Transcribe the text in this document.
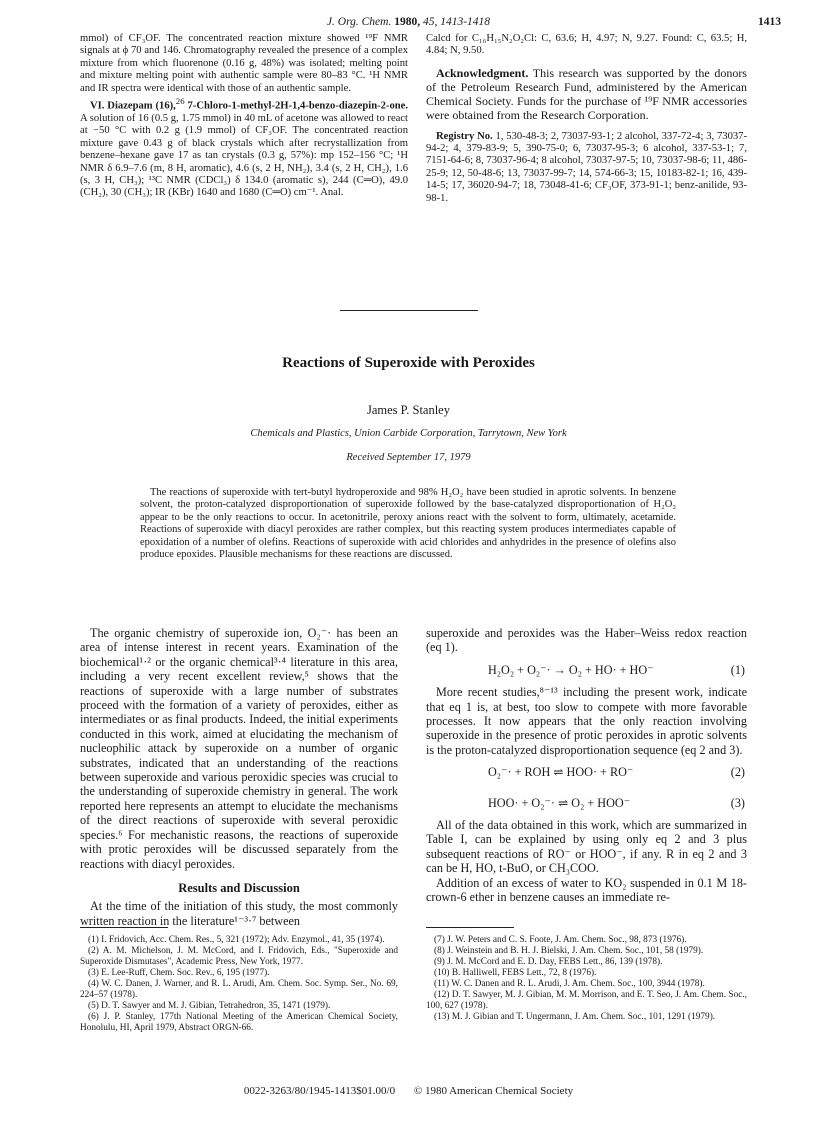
J. Org. Chem. 1980, 45, 1413-1418	1413

mmol) of CF₃OF. The concentrated reaction mixture showed ¹⁹F NMR signals at ϕ 70 and 146. Chromatography revealed the presence of a complex mixture from which fluorenone (0.16 g, 48%) was isolated; melting point and mixture melting point with authentic sample were 80–83 °C. ¹H NMR and IR spectra were identical with those of an authentic sample.

VI. Diazepam (16),$^{26}$ 7-Chloro-1-methyl-2H-1,4-benzo-diazepin-2-one. A solution of 16 (0.5 g, 1.75 mmol) in 40 mL of acetone was allowed to react at −50 °C with 0.2 g (1.9 mmol) of CF₃OF. The concentrated reaction mixture gave 0.43 g of black crystals which after recrystallization from benzene–hexane gave 17 as tan crystals (0.3 g, 57%): mp 152–156 °C; ¹H NMR δ 6.9–7.6 (m, 8 H, aromatic), 4.6 (s, 2 H, NH₂), 3.4 (s, 2 H, CH₂), 1.6 (s, 3 H, CH₃); ¹³C NMR (CDCl₃) δ 134.0 (aromatic s), 244 (C═O), 49.0 (CH₂), 30 (CH₃); IR (KBr) 1640 and 1680 (C═O) cm⁻¹. Anal.

Calcd for C₁₆H₁₅N₂O₂Cl: C, 63.6; H, 4.97; N, 9.27. Found: C, 63.5; H, 4.84; N, 9.50.

Acknowledgment. This research was supported by the donors of the Petroleum Research Fund, administered by the American Chemical Society. Funds for the purchase of ¹⁹F NMR accessories were obtained from the Research Corporation.

Registry No. 1, 530-48-3; 2, 73037-93-1; 2 alcohol, 337-72-4; 3, 73037-94-2; 4, 379-83-9; 5, 390-75-0; 6, 73037-95-3; 6 alcohol, 337-53-1; 7, 7151-64-6; 8, 73037-96-4; 8 alcohol, 73037-97-5; 10, 73037-98-6; 11, 486-25-9; 12, 50-48-6; 13, 73037-99-7; 14, 574-66-3; 15, 10183-82-1; 16, 439-14-5; 17, 36020-94-7; 18, 73048-41-6; CF₃OF, 373-91-1; benz-anilide, 93-98-1.

Reactions of Superoxide with Peroxides
James P. Stanley
Chemicals and Plastics, Union Carbide Corporation, Tarrytown, New York
Received September 17, 1979
The reactions of superoxide with tert-butyl hydroperoxide and 98% H₂O₂ have been studied in aprotic solvents. In benzene solvent, the proton-catalyzed disproportionation of superoxide followed by the base-catalyzed disproportionation of H₂O₂ appear to be the only reactions to occur. In acetonitrile, peroxy anions react with the solvent to form, ultimately, acetamide. Reactions of superoxide with diacyl peroxides are rather complex, but this reacting system produces intermediates capable of epoxidation of a number of olefins. Reactions of superoxide with acid chlorides and anhydrides in the presence of olefins also produce epoxides. Plausible mechanisms for these reactions are discussed.

The organic chemistry of superoxide ion, O₂⁻· has been an area of intense interest in recent years. Examination of the biochemical¹·² or the organic chemical³·⁴ literature in this area, including a very recent excellent review,⁵ shows that the reactions of superoxide with a large number of substrates proceed with the formation of a variety of peroxides, either as intermediates or as final products. Indeed, the initial experiments conducted in this work, aimed at elucidating the mechanism of nucleophilic attack by superoxide on a number of organic substrates, indicated that an understanding of the reactions between superoxide and various peroxidic species was crucial to the understanding of superoxide chemistry in general. The work reported here represents an attempt to elucidate the mechanisms of the direct reactions of superoxide with several peroxidic species.⁶ For mechanistic reasons, the reactions of superoxide with protic peroxides will be discussed separately from the reactions with diacyl peroxides.

Results and Discussion

At the time of the initiation of this study, the most commonly written reaction in the literature¹⁻³·⁷ between

superoxide and peroxides was the Haber–Weiss redox reaction (eq 1).

H₂O₂ + O₂⁻· → O₂ + HO· + HO⁻	(1)

More recent studies,⁸⁻¹³ including the present work, indicate that eq 1 is, at best, too slow to compete with more favorable processes. It now appears that the only reaction involving superoxide in the presence of protic peroxides in aprotic solvents is the proton-catalyzed disproportionation sequence (eq 2 and 3).

O₂⁻· + ROH ⇌ HOO· + RO⁻	(2)
HOO· + O₂⁻· ⇌ O₂ + HOO⁻	(3)

All of the data obtained in this work, which are summarized in Table I, can be explained by using only eq 2 and 3 plus subsequent reactions of RO⁻ or HOO⁻, if any. R in eq 2 and 3 can be H, HO, t-BuO, or CH₃COO.

Addition of an excess of water to KO₂ suspended in 0.1 M 18-crown-6 ether in benzene causes an immediate re-

(1) I. Fridovich, Acc. Chem. Res., 5, 321 (1972); Adv. Enzymol., 41, 35 (1974).

(2) A. M. Michelson, J. M. McCord, and I. Fridovich, Eds., "Superoxide and Superoxide Dismutases", Academic Press, New York, 1977.

(3) E. Lee-Ruff, Chem. Soc. Rev., 6, 195 (1977).

(4) W. C. Danen, J. Warner, and R. L. Arudi, Am. Chem. Soc. Symp. Ser., No. 69, 224–57 (1978).

(5) D. T. Sawyer and M. J. Gibian, Tetrahedron, 35, 1471 (1979).

(6) J. P. Stanley, 177th National Meeting of the American Chemical Society, Honolulu, HI, April 1979, Abstract ORGN-66.

(7) J. W. Peters and C. S. Foote, J. Am. Chem. Soc., 98, 873 (1976).

(8) J. Weinstein and B. H. J. Bielski, J. Am. Chem. Soc., 101, 58 (1979).

(9) J. M. McCord and E. D. Day, FEBS Lett., 86, 139 (1978).

(10) B. Halliwell, FEBS Lett., 72, 8 (1976).

(11) W. C. Danen and R. L. Arudi, J. Am. Chem. Soc., 100, 3944 (1978).

(12) D. T. Sawyer, M. J. Gibian, M. M. Morrison, and E. T. Seo, J. Am. Chem. Soc., 100, 627 (1978).

(13) M. J. Gibian and T. Ungermann, J. Am. Chem. Soc., 101, 1291 (1979).

0022-3263/80/1945-1413$01.00/0 © 1980 American Chemical Society
